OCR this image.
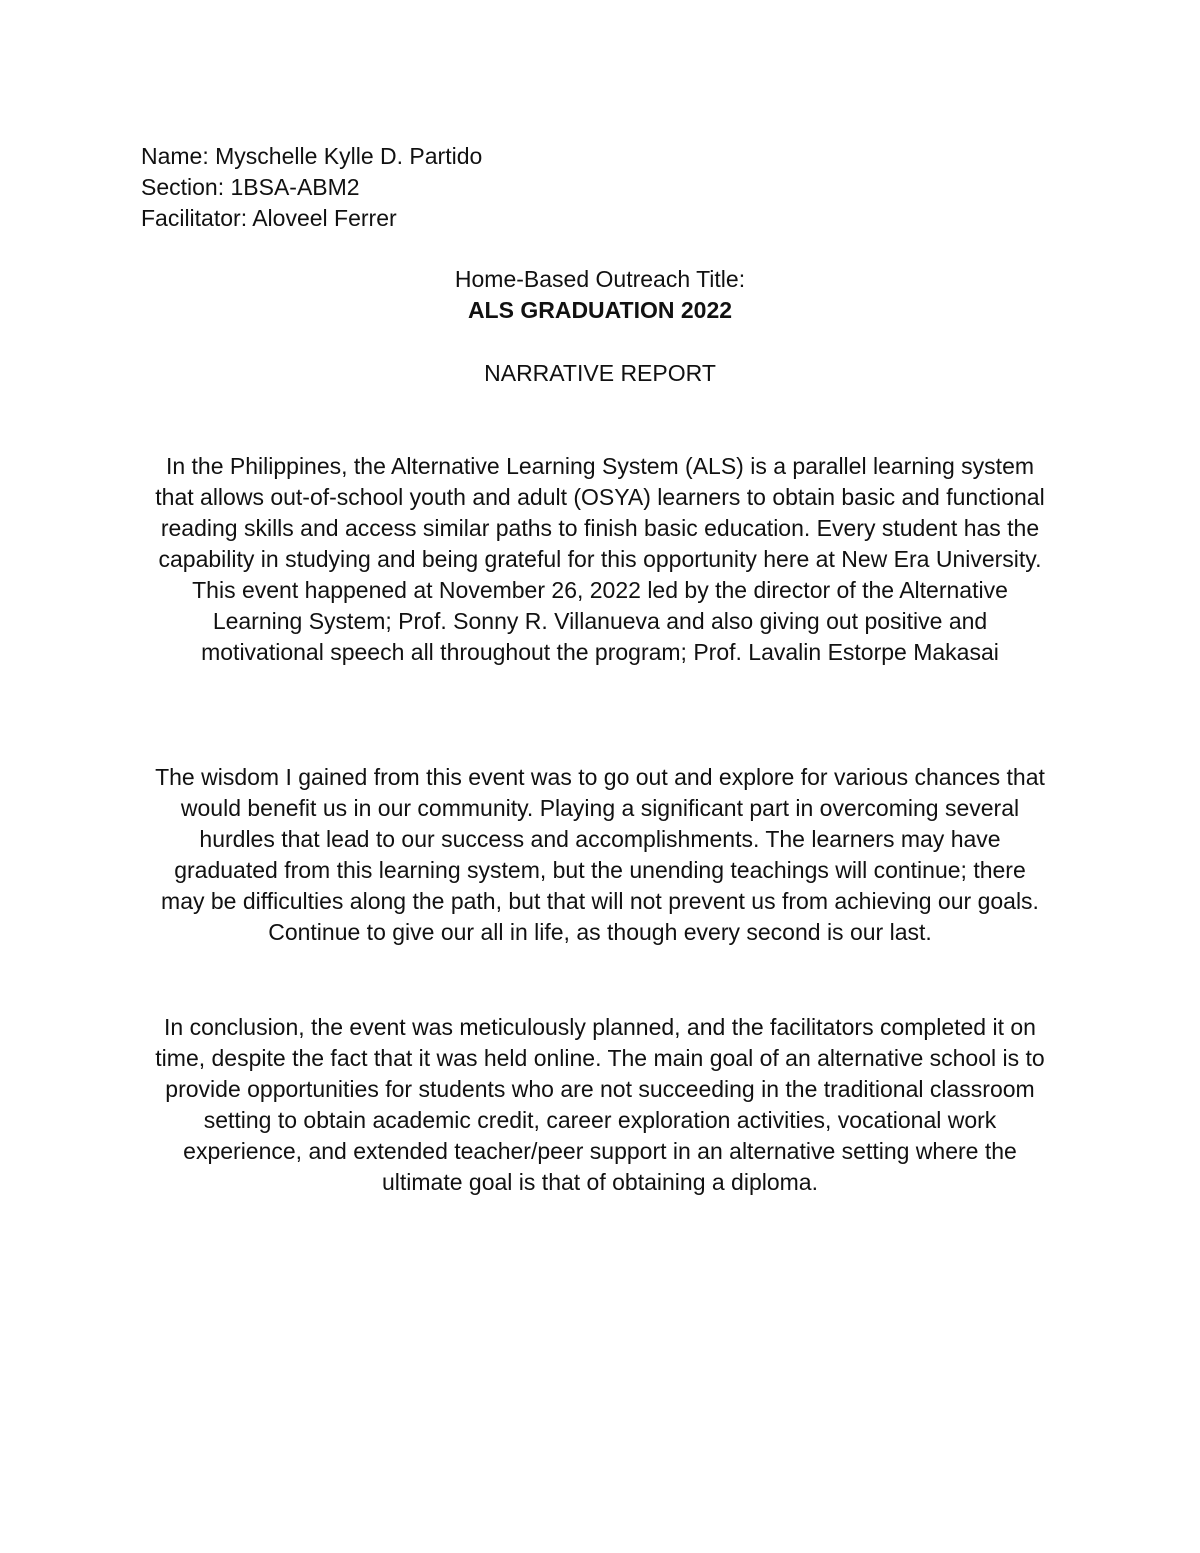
Name: Myschelle Kylle D. Partido
Section: 1BSA-ABM2
Facilitator: Aloveel Ferrer
Home-Based Outreach Title:
ALS GRADUATION 2022
NARRATIVE REPORT
In the Philippines, the Alternative Learning System (ALS) is a parallel learning system
that allows out-of-school youth and adult (OSYA) learners to obtain basic and functional
reading skills and access similar paths to finish basic education. Every student has the
capability in studying and being grateful for this opportunity here at New Era University.
This event happened at November 26, 2022 led by the director of the Alternative
Learning System; Prof. Sonny R. Villanueva and also giving out positive and
motivational speech all throughout the program; Prof. Lavalin Estorpe Makasai
The wisdom I gained from this event was to go out and explore for various chances that
would benefit us in our community. Playing a significant part in overcoming several
hurdles that lead to our success and accomplishments. The learners may have
graduated from this learning system, but the unending teachings will continue; there
may be difficulties along the path, but that will not prevent us from achieving our goals.
Continue to give our all in life, as though every second is our last.
In conclusion, the event was meticulously planned, and the facilitators completed it on
time, despite the fact that it was held online. The main goal of an alternative school is to
provide opportunities for students who are not succeeding in the traditional classroom
setting to obtain academic credit, career exploration activities, vocational work
experience, and extended teacher/peer support in an alternative setting where the
ultimate goal is that of obtaining a diploma.
